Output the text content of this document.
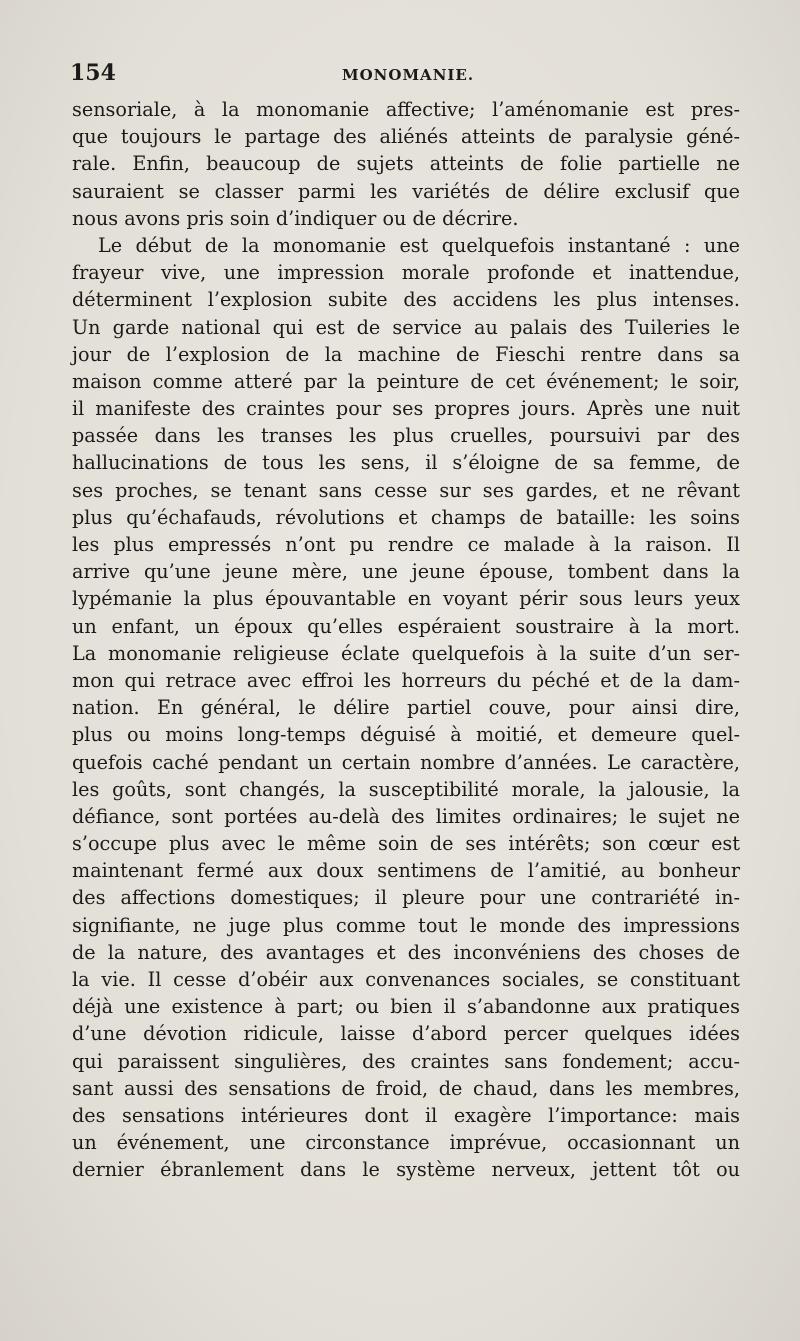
154	MONOMANIE.
sensoriale, à la monomanie affective; l’aménomanie est pres-
que toujours le partage des aliénés atteints de paralysie géné-
rale. Enfin, beaucoup de sujets atteints de folie partielle ne
sauraient se classer parmi les variétés de délire exclusif que
nous avons pris soin d’indiquer ou de décrire.
Le début de la monomanie est quelquefois instantané : une
frayeur vive, une impression morale profonde et inattendue,
déterminent l’explosion subite des accidens les plus intenses.
Un garde national qui est de service au palais des Tuileries le
jour de l’explosion de la machine de Fieschi rentre dans sa
maison comme atteré par la peinture de cet événement; le soir,
il manifeste des craintes pour ses propres jours. Après une nuit
passée dans les transes les plus cruelles, poursuivi par des
hallucinations de tous les sens, il s’éloigne de sa femme, de
ses proches, se tenant sans cesse sur ses gardes, et ne rêvant
plus qu’échafauds, révolutions et champs de bataille: les soins
les plus empressés n’ont pu rendre ce malade à la raison. Il
arrive qu’une jeune mère, une jeune épouse, tombent dans la
lypémanie la plus épouvantable en voyant périr sous leurs yeux
un enfant, un époux qu’elles espéraient soustraire à la mort.
La monomanie religieuse éclate quelquefois à la suite d’un ser-
mon qui retrace avec effroi les horreurs du péché et de la dam-
nation. En général, le délire partiel couve, pour ainsi dire,
plus ou moins long-temps déguisé à moitié, et demeure quel-
quefois caché pendant un certain nombre d’années. Le caractère,
les goûts, sont changés, la susceptibilité morale, la jalousie, la
défiance, sont portées au-delà des limites ordinaires; le sujet ne
s’occupe plus avec le même soin de ses intérêts; son cœur est
maintenant fermé aux doux sentimens de l’amitié, au bonheur
des affections domestiques; il pleure pour une contrariété in-
signifiante, ne juge plus comme tout le monde des impressions
de la nature, des avantages et des inconvéniens des choses de
la vie. Il cesse d’obéir aux convenances sociales, se constituant
déjà une existence à part; ou bien il s’abandonne aux pratiques
d’une dévotion ridicule, laisse d’abord percer quelques idées
qui paraissent singulières, des craintes sans fondement; accu-
sant aussi des sensations de froid, de chaud, dans les membres,
des sensations intérieures dont il exagère l’importance: mais
un événement, une circonstance imprévue, occasionnant un
dernier ébranlement dans le système nerveux, jettent tôt ou
